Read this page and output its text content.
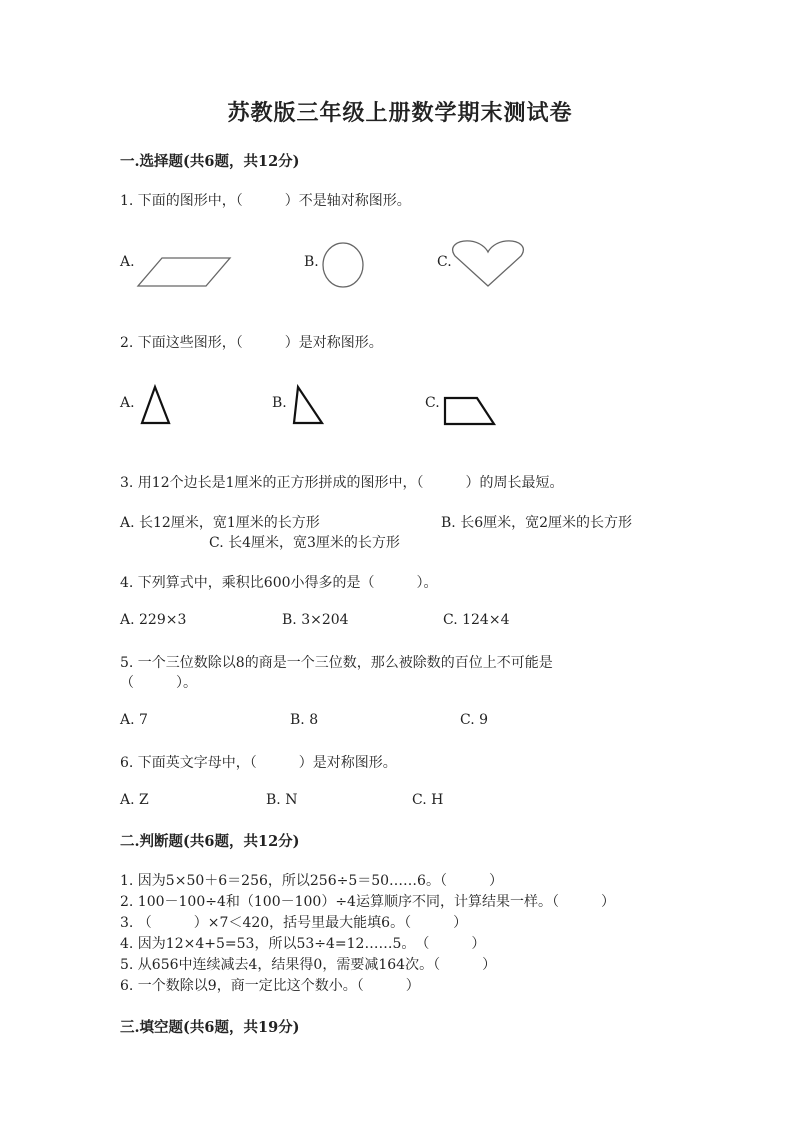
苏教版三年级上册数学期末测试卷
一.选择题(共6题，共12分)
1. 下面的图形中，（　　　）不是轴对称图形。
A.	B.	C.
2. 下面这些图形，（　　　）是对称图形。
A.	B.	C.
3. 用12个边长是1厘米的正方形拼成的图形中，（　　　）的周长最短。
A. 长12厘米，宽1厘米的长方形	B. 长6厘米，宽2厘米的长方形
C. 长4厘米，宽3厘米的长方形
4. 下列算式中，乘积比600小得多的是（　　　）。
A. 229×3	B. 3×204	C. 124×4
5. 一个三位数除以8的商是一个三位数，那么被除数的百位上不可能是
（　　　）。
A. 7	B. 8	C. 9
6. 下面英文字母中，（　　　）是对称图形。
A. Z	B. N	C. H
二.判断题(共6题，共12分)
1. 因为5×50＋6＝256，所以256÷5＝50……6。（　　　）
2. 100－100÷4和（100－100）÷4运算顺序不同，计算结果一样。（　　　）
3. （　　　）×7＜420，括号里最大能填6。（　　　）
4. 因为12×4+5=53，所以53÷4=12……5。　（　　　）
5. 从656中连续减去4，结果得0，需要减164次。（　　　）
6. 一个数除以9，商一定比这个数小。（　　　）
三.填空题(共6题，共19分)
